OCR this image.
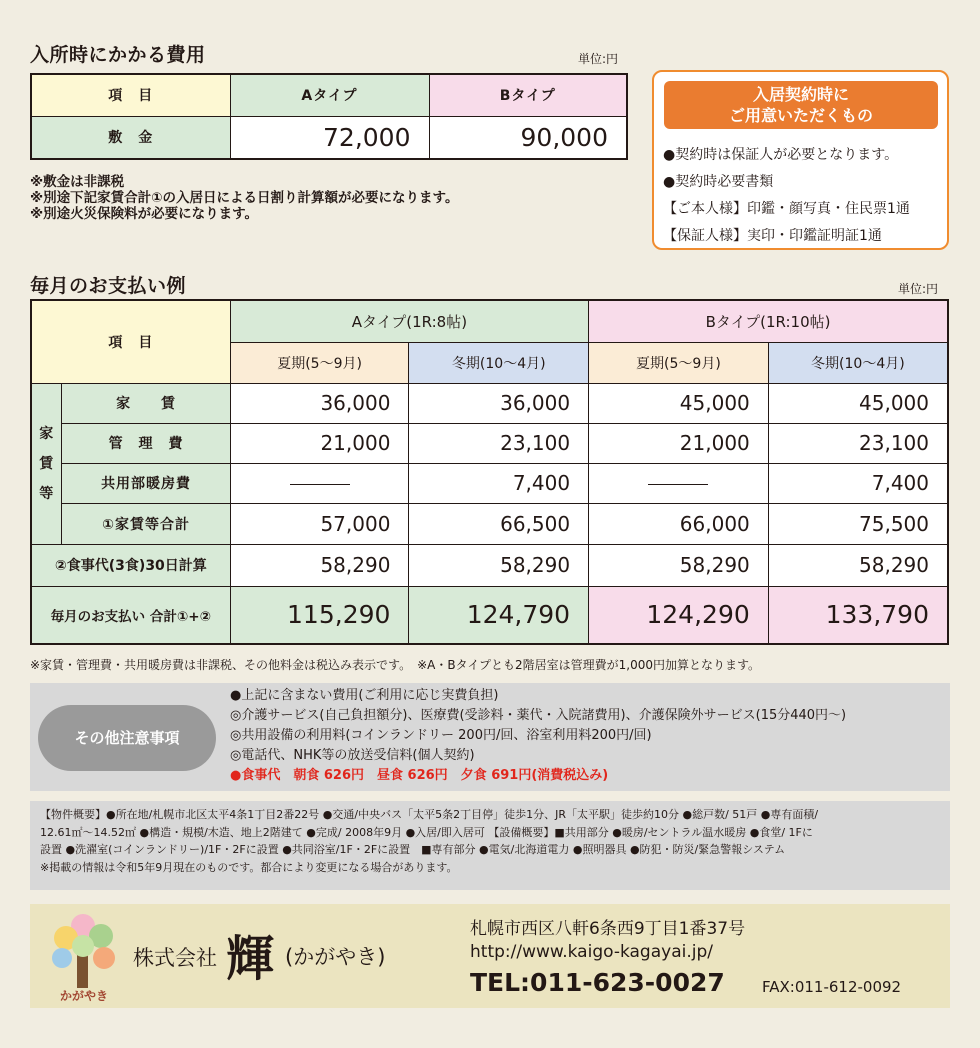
入所時にかかる費用	単位:円
項　目	Aタイプ	Bタイプ
敷　金	72,000	90,000
※敷金は非課税
※別途下記家賃合計①の入居日による日割り計算額が必要になります。
※別途火災保険料が必要になります。
入居契約時に
ご用意いただくもの
●契約時は保証人が必要となります。
●契約時必要書類
【ご本人様】印鑑・顔写真・住民票1通
【保証人様】実印・印鑑証明証1通
毎月のお支払い例	単位:円
項　目		Aタイプ(1R:8帖)		Bタイプ(1R:10帖)	
		夏期(5〜9月)	冬期(10〜4月)	夏期(5〜9月)	冬期(10〜4月)

家
賃
等	家　　賃	36,000	36,000	45,000	45,000
	管　理　費	21,000	23,100	21,000	23,100
	共用部暖房費		7,400		7,400
	①家賃等合計	57,000	66,500	66,000	75,500
②食事代(3食)30日計算		58,290	58,290	58,290	58,290
毎月のお支払い 合計①+②		115,290	124,790	124,290	133,790
※家賃・管理費・共用暖房費は非課税、その他料金は税込み表示です。　※A・Bタイプとも2階居室は管理費が1,000円加算となります。
その他注意事項
●上記に含まない費用(ご利用に応じ実費負担)
◎介護サービス(自己負担額分)、医療費(受診料・薬代・入院諸費用)、介護保険外サービス(15分440円〜)
◎共用設備の利用料(コインランドリー 200円/回、浴室利用料200円/回)
◎電話代、NHK等の放送受信料(個人契約)
●食事代　朝食 626円　昼食 626円　夕食 691円(消費税込み)
【物件概要】●所在地/札幌市北区太平4条1丁目2番22号 ●交通/中央バス「太平5条2丁目停」徒歩1分、JR「太平駅」徒歩約10分 ●総戸数/ 51戸 ●専有面積/
12.61㎡〜14.52㎡ ●構造・規模/木造、地上2階建て ●完成/ 2008年9月 ●入居/即入居可 【設備概要】■共用部分 ●暖房/セントラル温水暖房 ●食堂/ 1Fに
設置 ●洗濯室(コインランドリー)/1F・2Fに設置 ●共同浴室/1F・2Fに設置　■専有部分 ●電気/北海道電力 ●照明器具 ●防犯・防災/緊急警報システム
※掲載の情報は令和5年9月現在のものです。都合により変更になる場合があります。
かがやき
株式会社 輝 (かがやき)
札幌市西区八軒6条西9丁目1番37号
http://www.kaigo-kagayai.jp/
TEL:011-623-0027 FAX:011-612-0092
